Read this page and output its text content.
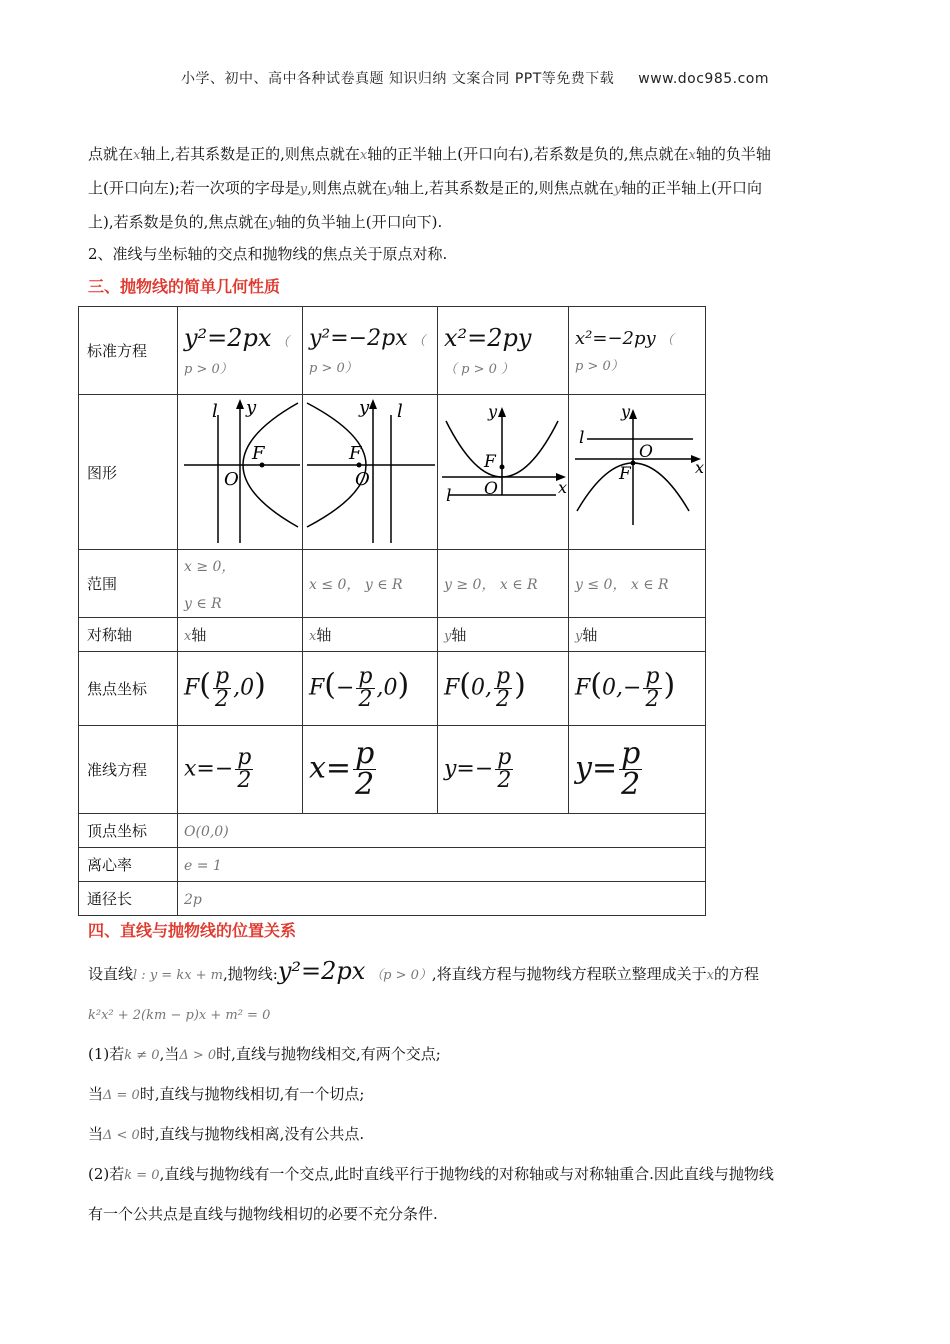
小学、初中、高中各种试卷真题 知识归纳 文案合同 PPT等免费下载 www.doc985.com
点就在x轴上,若其系数是正的,则焦点就在x轴的正半轴上(开口向右),若系数是负的,焦点就在x轴的负半轴
上(开口向左);若一次项的字母是y,则焦点就在y轴上,若其系数是正的,则焦点就在y轴的正半轴上(开口向
上),若系数是负的,焦点就在y轴的负半轴上(开口向下).
2、准线与坐标轴的交点和抛物线的焦点关于原点对称.
三、抛物线的简单几何性质
标准方程	y²=2px （
p > 0）	y²=−2px （
p > 0）	x²=2py
（ p > 0 ）	x²=−2py （
p > 0）

图形	l y
F
O	l
y
F
O	y
F
O
l x	y
l
O
F x

范围	x ≥ 0，

y ∈ R	x ≤ 0， y ∈ R	y ≥ 0， x ∈ R	y ≤ 0， x ∈ R
对称轴	x轴	x轴	y轴	y轴
焦点坐标	$F( \frac{p}{2} ,0)$	$F(- \frac{p}{2} ,0)$	F(0, $\frac{p}{2}$ )	$F(0,- \frac{p}{2}$ )
准线方程	$x=- \frac{p}{2}$	$x= \frac{p}{2}$	$y=- \frac{p}{2}$	$y= \frac{p}{2}$

顶点坐标	O(0,0)			
离心率	e = 1			
通径长	2p			
四、直线与抛物线的位置关系
设直线l : y = kx + m,抛物线:y²=2px （p > 0）,将直线方程与抛物线方程联立整理成关于x的方程
k²x² + 2(km − p)x + m² = 0
(1)若k ≠ 0,当Δ > 0时,直线与抛物线相交,有两个交点;
当Δ = 0时,直线与抛物线相切,有一个切点;
当Δ < 0时,直线与抛物线相离,没有公共点.
(2)若k = 0,直线与抛物线有一个交点,此时直线平行于抛物线的对称轴或与对称轴重合.因此直线与抛物线
有一个公共点是直线与抛物线相切的必要不充分条件.
